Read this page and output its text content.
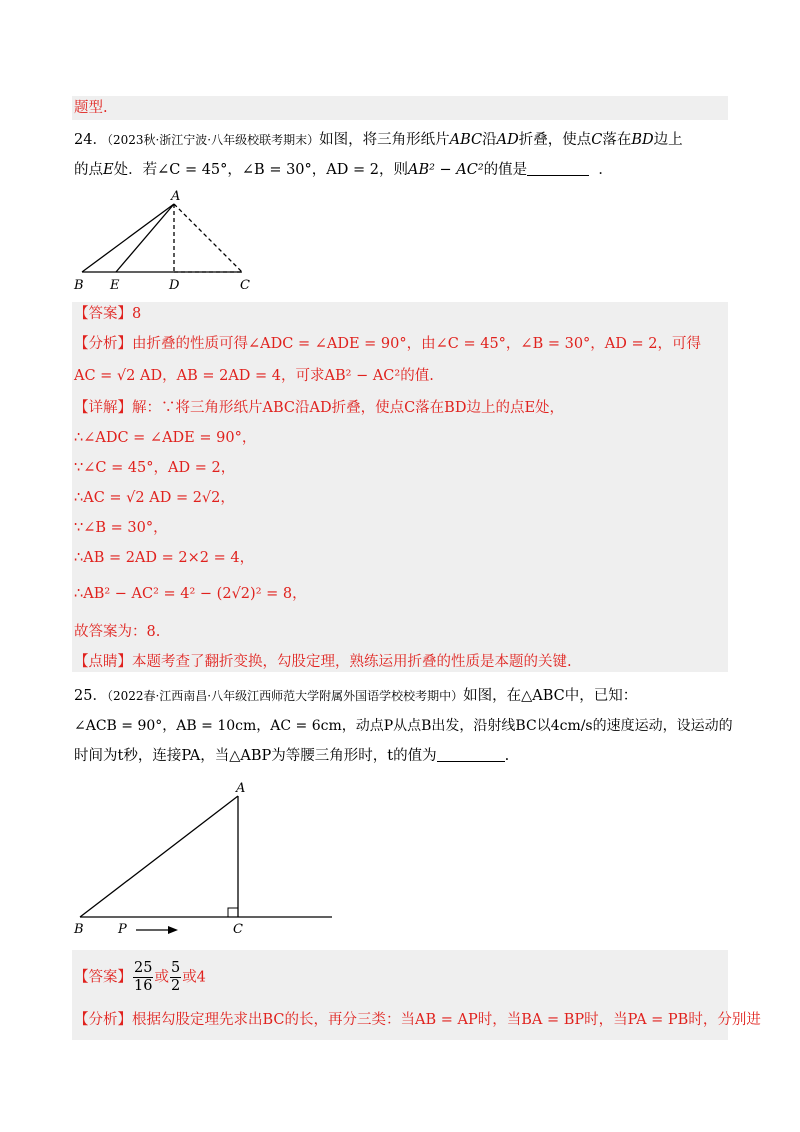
题型.
24．（2023秋·浙江宁波·八年级校联考期末）如图，将三角形纸片ABC沿AD折叠，使点C落在BD边上
的点E处．若∠C = 45°，∠B = 30°，AD = 2，则AB² − AC²的值是	．
A
B E	D	C
【答案】8
【分析】由折叠的性质可得∠ADC = ∠ADE = 90°，由∠C = 45°，∠B = 30°，AD = 2，可得
AC = √2 AD，AB = 2AD = 4，可求AB² − AC²的值.
【详解】解：∵将三角形纸片ABC沿AD折叠，使点C落在BD边上的点E处，
∴∠ADC = ∠ADE = 90°，
∵∠C = 45°，AD = 2，
∴AC = √2 AD = 2√2，
∵∠B = 30°，
∴AB = 2AD = 2×2 = 4，
∴AB² − AC² = 4² − (2√2)² = 8，
故答案为：8.
【点睛】本题考查了翻折变换，勾股定理，熟练运用折叠的性质是本题的关键.
25．（2022春·江西南昌·八年级江西师范大学附属外国语学校校考期中）如图，在△ABC中，已知：
∠ACB = 90°，AB = 10cm，AC = 6cm，动点P从点B出发，沿射线BC以4cm/s的速度运动，设运动的
时间为t秒，连接PA，当△ABP为等腰三角形时，t的值为	.
A
B	P	C
【答案】 $\frac{25}{16}$ 或 $\frac{5}{2}$ 或4
【分析】根据勾股定理先求出BC的长，再分三类：当AB = AP时，当BA = BP时，当PA = PB时，分别进
